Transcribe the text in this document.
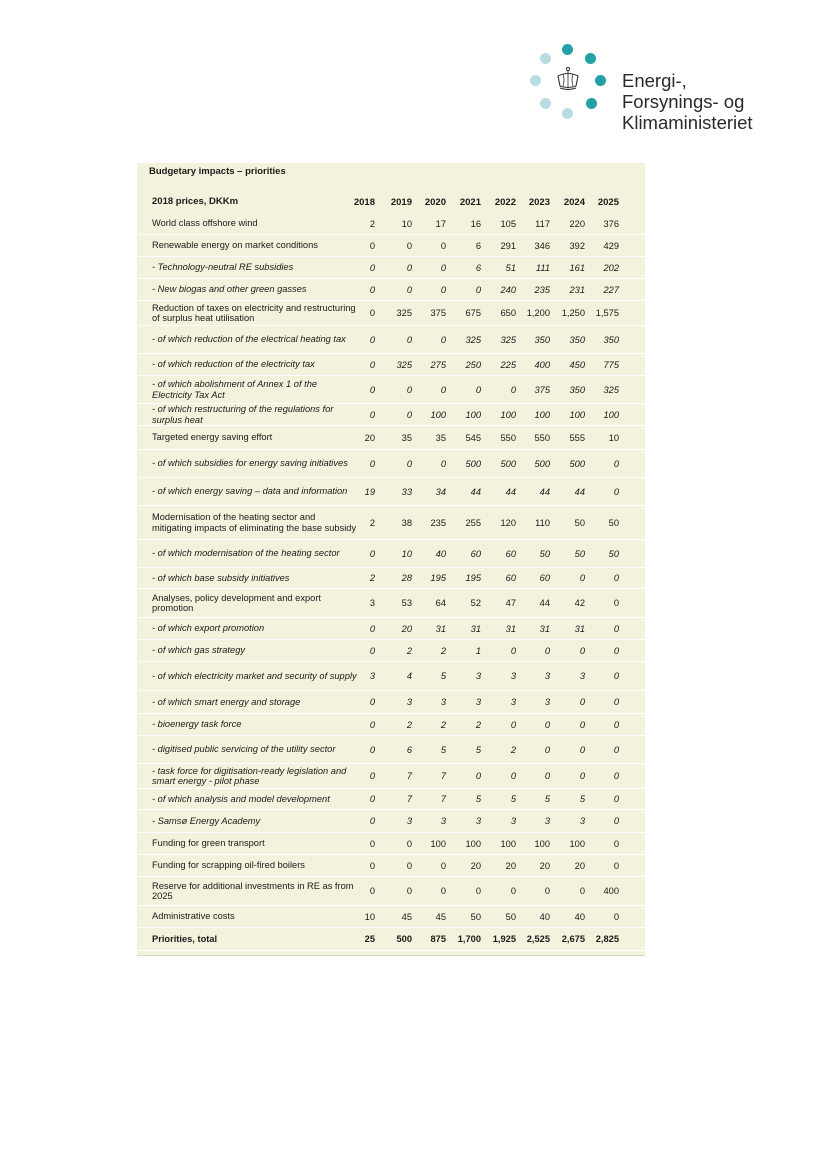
Energi-,
Forsynings- og
Klimaministeriet
Budgetary impacts – priorities
2018 prices, DKKm	2018	2019	2020	2021	2022	2023	2024	2025
World class offshore wind	2	10	17	16	105	117	220	376
Renewable energy on market conditions	0	0	0	6	291	346	392	429
- Technology-neutral RE subsidies	0	0	0	6	51	111	161	202
- New biogas and other green gasses	0	0	0	0	240	235	231	227
Reduction of taxes on electricity and restructuring of surplus heat utilisation	0	325	375	675	650	1,200	1,250	1,575
- of which reduction of the electrical heating tax	0	0	0	325	325	350	350	350
- of which reduction of the electricity tax	0	325	275	250	225	400	450	775
- of which abolishment of Annex 1 of the Electricity Tax Act	0	0	0	0	0	375	350	325
- of which restructuring of the regulations for surplus heat	0	0	100	100	100	100	100	100
Targeted energy saving effort	20	35	35	545	550	550	555	10
- of which subsidies for energy saving initiatives	0	0	0	500	500	500	500	0
- of which energy saving – data and information	19	33	34	44	44	44	44	0
Modernisation of the heating sector and mitigating impacts of eliminating the base subsidy	2	38	235	255	120	110	50	50
- of which modernisation of the heating sector	0	10	40	60	60	50	50	50
- of which base subsidy initiatives	2	28	195	195	60	60	0	0
Analyses, policy development and export promotion	3	53	64	52	47	44	42	0
- of which export promotion	0	20	31	31	31	31	31	0
- of which gas strategy	0	2	2	1	0	0	0	0
- of which electricity market and security of supply	3	4	5	3	3	3	3	0
- of which smart energy and storage	0	3	3	3	3	3	0	0
- bioenergy task force	0	2	2	2	0	0	0	0
- digitised public servicing of the utility sector	0	6	5	5	2	0	0	0
- task force for digitisation-ready legislation and smart energy - pilot phase	0	7	7	0	0	0	0	0
- of which analysis and model development	0	7	7	5	5	5	5	0
- Samsø Energy Academy	0	3	3	3	3	3	3	0
Funding for green transport	0	0	100	100	100	100	100	0
Funding for scrapping oil-fired boilers	0	0	0	20	20	20	20	0
Reserve for additional investments in RE as from 2025	0	0	0	0	0	0	0	400
Administrative costs	10	45	45	50	50	40	40	0
Priorities, total	25	500	875	1,700	1,925	2,525	2,675	2,825
